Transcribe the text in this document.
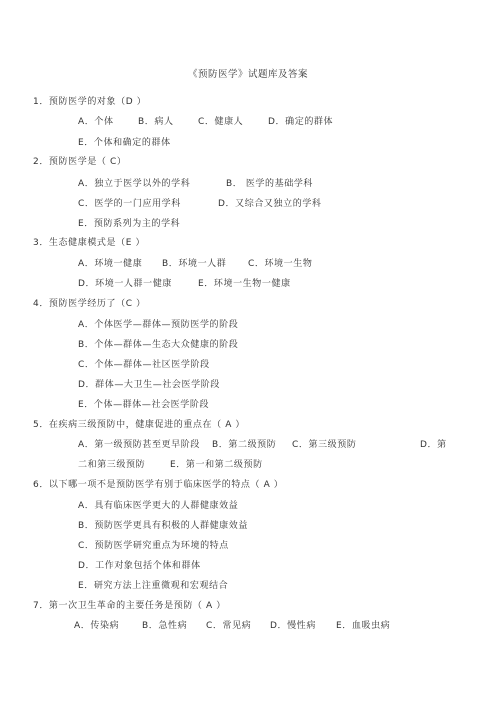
《预防医学》试题库及答案
1．预防医学的对象（D ）
A．个体	B．病人	C．健康人	D．确定的群体
E．个体和确定的群体
2．预防医学是（ C）
A．独立于医学以外的学科	B． 医学的基础学科
C．医学的一门应用学科	D．又综合又独立的学科
E．预防系列为主的学科
3．生态健康模式是（E ）
A．环境一健康 B．环境一人群 C．环境一生物
D．环境一人群一健康	E．环境一生物一健康
4．预防医学经历了（C ）
A．个体医学—群体—预防医学的阶段
B．个体—群体—生态大众健康的阶段
C．个体—群体—社区医学阶段
D．群体—大卫生—社会医学阶段
E．个体—群体—社会医学阶段
5．在疾病三级预防中，健康促进的重点在（ A ）
A．第一级预防甚至更早阶段 B．第二级预防 C．第三级预防	D．第
二和第三级预防	E．第一和第二级预防
6．以下哪一项不是预防医学有别于临床医学的特点（ A ）
A．具有临床医学更大的人群健康效益
B．预防医学更具有积极的人群健康效益
C．预防医学研究重点为环境的特点
D．工作对象包括个体和群体
E．研究方法上注重微观和宏观结合
7．第一次卫生革命的主要任务是预防（ A ）
A．传染病	B．急性病 C．常见病 D．慢性病 E．血吸虫病
